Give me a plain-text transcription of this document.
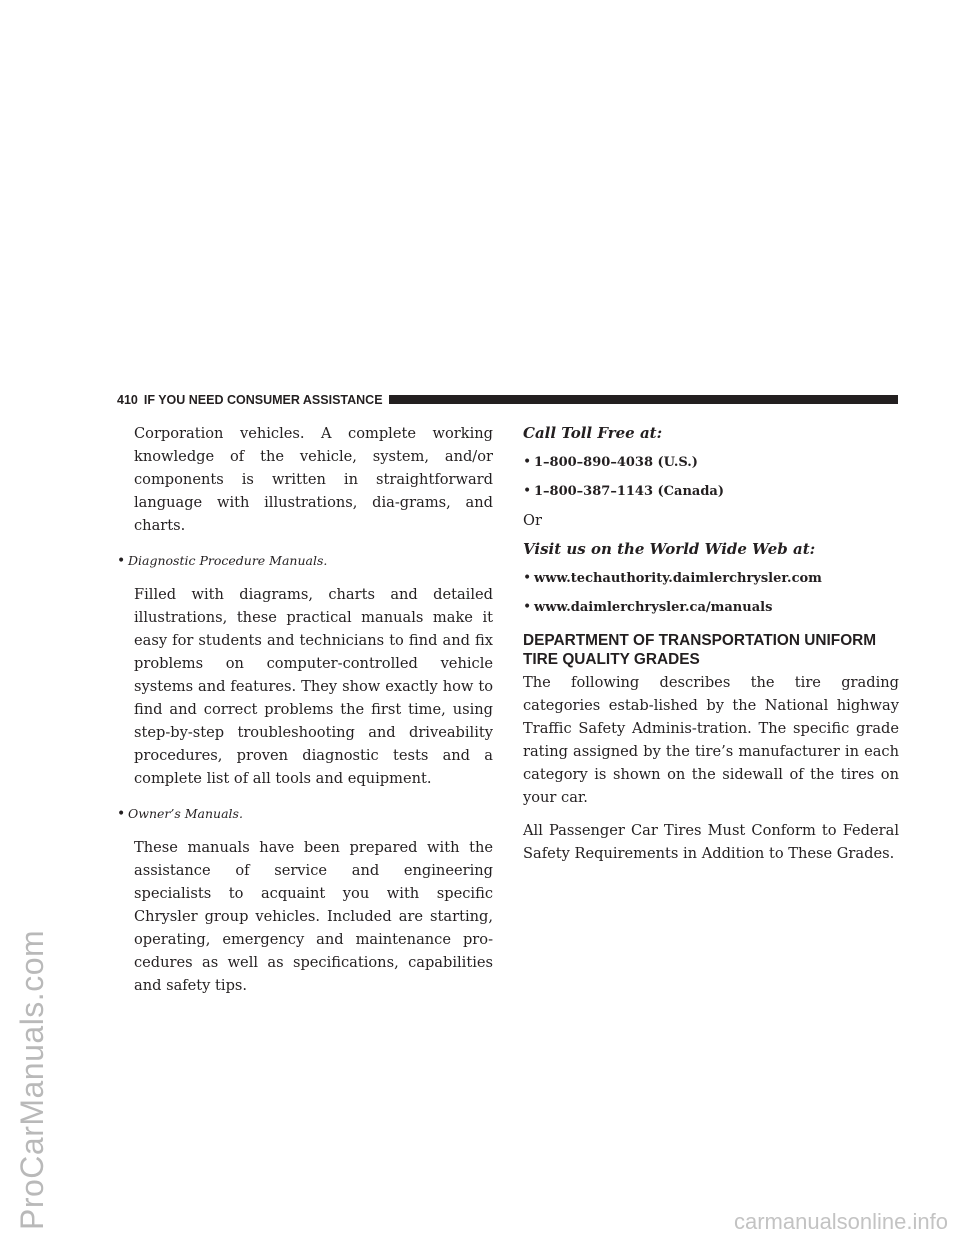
ProCarManuals.com
410 IF YOU NEED CONSUMER ASSISTANCE

Corporation vehicles. A complete working knowledge of the vehicle, system, and/or components is written in straightforward language with illustrations, dia-grams, and charts.

• Diagnostic Procedure Manuals.

Filled with diagrams, charts and detailed illustrations, these practical manuals make it easy for students and technicians to find and fix problems on computer-controlled vehicle systems and features. They show exactly how to find and correct problems the first time, using step-by-step troubleshooting and driveability procedures, proven diagnostic tests and a complete list of all tools and equipment.

• Owner’s Manuals.

These manuals have been prepared with the assistance of service and engineering specialists to acquaint you with specific Chrysler group vehicles. Included are starting, operating, emergency and maintenance pro-cedures as well as specifications, capabilities and safety tips.

Call Toll Free at:

• 1–800–890–4038 (U.S.)
• 1–800–387–1143 (Canada)

Or

Visit us on the World Wide Web at:

• www.techauthority.daimlerchrysler.com
• www.daimlerchrysler.ca/manuals
DEPARTMENT OF TRANSPORTATION UNIFORM
TIRE QUALITY GRADES

The following describes the tire grading categories estab-lished by the National highway Traffic Safety Adminis-tration. The specific grade rating assigned by the tire’s manufacturer in each category is shown on the sidewall of the tires on your car.

All Passenger Car Tires Must Conform to Federal Safety Requirements in Addition to These Grades.

carmanualsonline.info
